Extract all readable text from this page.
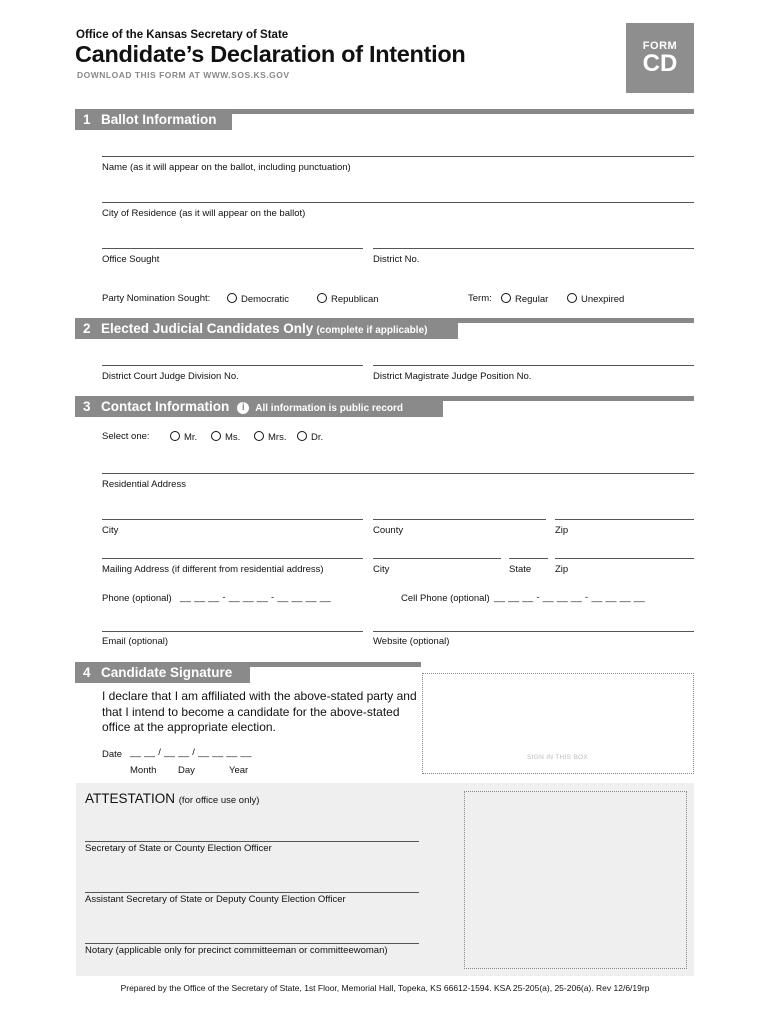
Office of the Kansas Secretary of State
Candidate’s Declaration of Intention
DOWNLOAD THIS FORM AT WWW.SOS.KS.GOV
FORM
CD
1 Ballot Information
Name (as it will appear on the ballot, including punctuation)
City of Residence (as it will appear on the ballot)
Office Sought	District No.
Party Nomination Sought:	Democratic	Republican	Term:	Regular	Unexpired
2 Elected Judicial Candidates Only (complete if applicable)
District Court Judge Division No.	District Magistrate Judge Position No.
3 Contact Information i All information is public record
Select one:	Mr.	Ms.	Mrs.	Dr.
Residential Address
City	County	Zip
Mailing Address (if different from residential address)	City	State	Zip
Phone (optional) __ __ __ - __ __ __ - __ __ __ __	Cell Phone (optional) __ __ __ - __ __ __ - __ __ __ __
Email (optional)	Website (optional)
4 Candidate Signature
I declare that I am affiliated with the above-stated party and that I intend to become a candidate for the above-stated office at the appropriate election.
Date __ __ / __ __ / __ __ __ __
Month Day	Year
SIGN IN THIS BOX
ATTESTATION (for office use only)
Secretary of State or County Election Officer
Assistant Secretary of State or Deputy County Election Officer
Notary (applicable only for precinct committeeman or committeewoman)
Prepared by the Office of the Secretary of State, 1st Floor, Memorial Hall, Topeka, KS 66612-1594. KSA 25-205(a), 25-206(a). Rev 12/6/19rp
